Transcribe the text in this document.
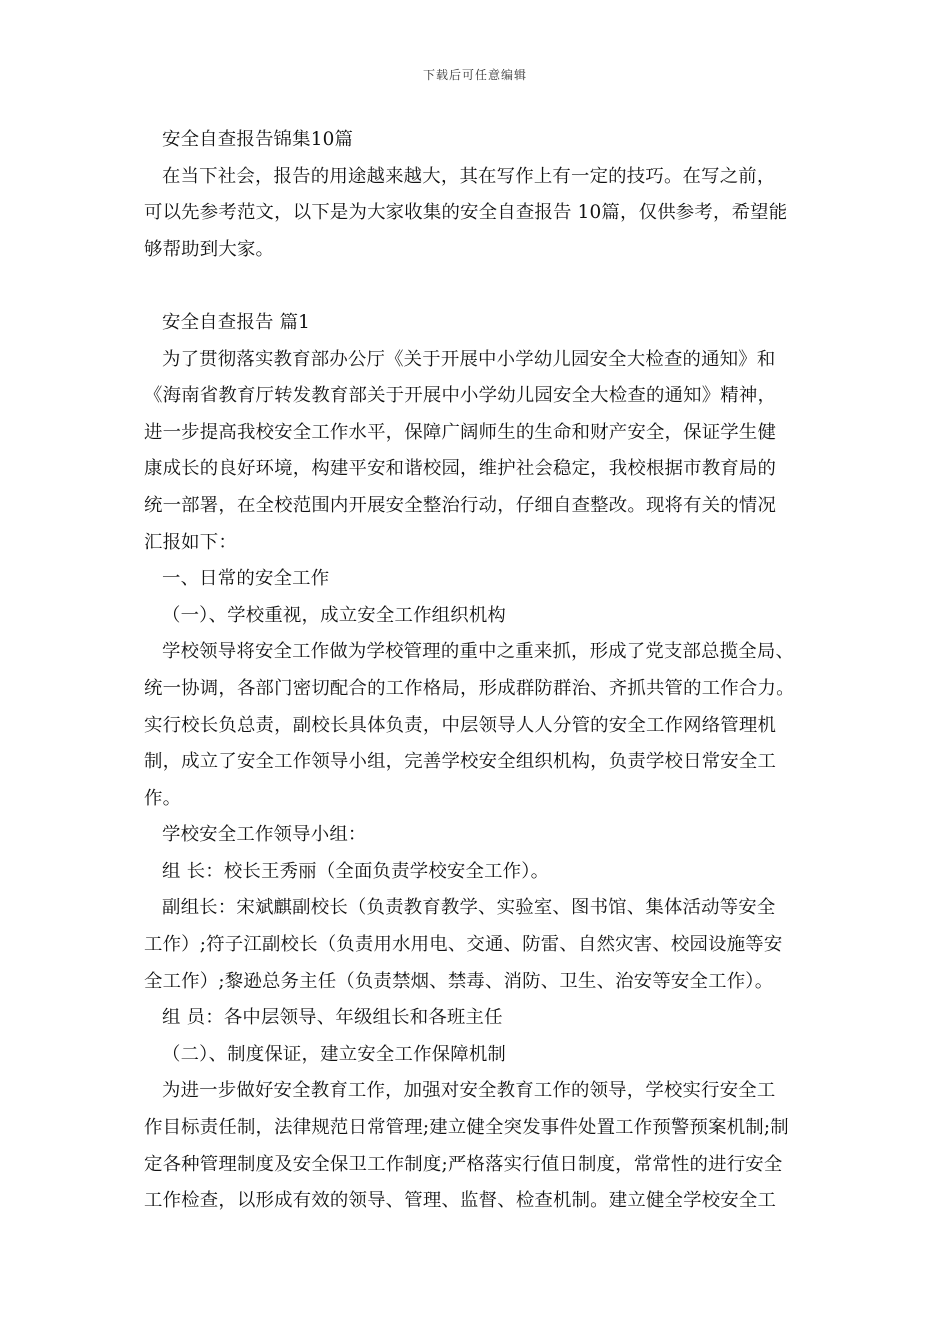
下载后可任意编辑
安全自查报告锦集10篇
在当下社会，报告的用途越来越大，其在写作上有一定的技巧。在写之前，
可以先参考范文，以下是为大家收集的安全自查报告 10篇，仅供参考，希望能
够帮助到大家。
安全自查报告 篇1
为了贯彻落实教育部办公厅《关于开展中小学幼儿园安全大检查的通知》和
《海南省教育厅转发教育部关于开展中小学幼儿园安全大检查的通知》精神，
进一步提高我校安全工作水平，保障广阔师生的生命和财产安全，保证学生健
康成长的良好环境，构建平安和谐校园，维护社会稳定，我校根据市教育局的
统一部署，在全校范围内开展安全整治行动，仔细自查整改。现将有关的情况
汇报如下：
一、日常的安全工作
（一）、学校重视，成立安全工作组织机构
学校领导将安全工作做为学校管理的重中之重来抓，形成了党支部总揽全局、
统一协调，各部门密切配合的工作格局，形成群防群治、齐抓共管的工作合力。
实行校长负总责，副校长具体负责，中层领导人人分管的安全工作网络管理机
制，成立了安全工作领导小组，完善学校安全组织机构，负责学校日常安全工
作。
学校安全工作领导小组：
组 长：校长王秀丽（全面负责学校安全工作）。
副组长：宋斌麒副校长（负责教育教学、实验室、图书馆、集体活动等安全
工作）;符子江副校长（负责用水用电、交通、防雷、自然灾害、校园设施等安
全工作）;黎逊总务主任（负责禁烟、禁毒、消防、卫生、治安等安全工作）。
组 员：各中层领导、年级组长和各班主任
（二）、制度保证，建立安全工作保障机制
为进一步做好安全教育工作，加强对安全教育工作的领导，学校实行安全工
作目标责任制，法律规范日常管理;建立健全突发事件处置工作预警预案机制;制
定各种管理制度及安全保卫工作制度;严格落实行值日制度，常常性的进行安全
工作检查，以形成有效的领导、管理、监督、检查机制。建立健全学校安全工
